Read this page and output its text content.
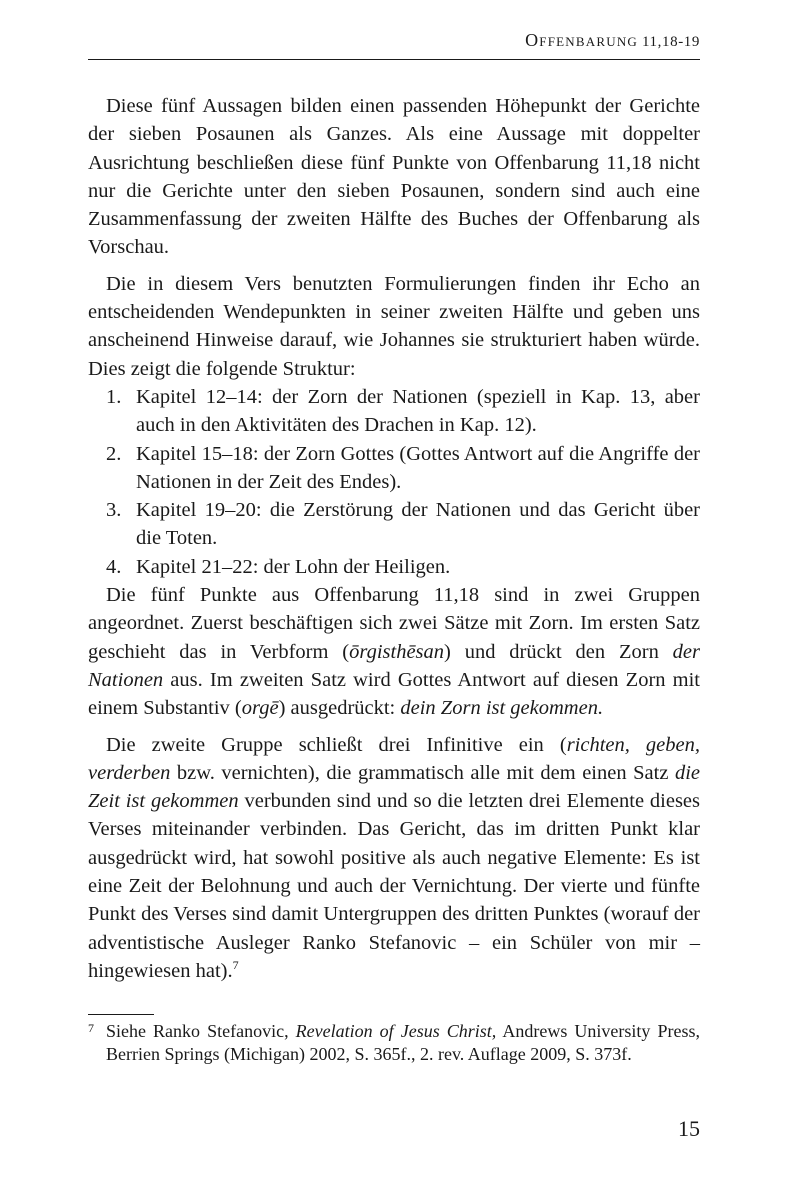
Offenbarung 11,18-19

Diese fünf Aussagen bilden einen passenden Höhepunkt der Gerichte der sieben Posaunen als Ganzes. Als eine Aussage mit doppelter Ausrichtung beschließen diese fünf Punkte von Offenbarung 11,18 nicht nur die Gerichte unter den sieben Posaunen, sondern sind auch eine Zusammenfassung der zweiten Hälfte des Buches der Offenbarung als Vorschau.

Die in diesem Vers benutzten Formulierungen finden ihr Echo an entscheidenden Wendepunkten in seiner zweiten Hälfte und geben uns anscheinend Hinweise darauf, wie Johannes sie strukturiert haben würde. Dies zeigt die folgende Struktur:

1. Kapitel 12–14: der Zorn der Nationen (speziell in Kap. 13, aber auch in den Aktivitäten des Drachen in Kap. 12).
2. Kapitel 15–18: der Zorn Gottes (Gottes Antwort auf die Angriffe der Nationen in der Zeit des Endes).
3. Kapitel 19–20: die Zerstörung der Nationen und das Gericht über die Toten.
4. Kapitel 21–22: der Lohn der Heiligen.

Die fünf Punkte aus Offenbarung 11,18 sind in zwei Gruppen angeordnet. Zuerst beschäftigen sich zwei Sätze mit Zorn. Im ersten Satz geschieht das in Verbform (ōrgisthēsan) und drückt den Zorn der Nationen aus. Im zweiten Satz wird Gottes Antwort auf diesen Zorn mit einem Substantiv (orgē) ausgedrückt: dein Zorn ist gekommen.

Die zweite Gruppe schließt drei Infinitive ein (richten, geben, verderben bzw. vernichten), die grammatisch alle mit dem einen Satz die Zeit ist gekommen verbunden sind und so die letzten drei Elemente dieses Verses miteinander verbinden. Das Gericht, das im dritten Punkt klar ausgedrückt wird, hat sowohl positive als auch negative Elemente: Es ist eine Zeit der Belohnung und auch der Vernichtung. Der vierte und fünfte Punkt des Verses sind damit Untergruppen des dritten Punktes (worauf der adventistische Ausleger Ranko Stefanovic – ein Schüler von mir – hingewiesen hat).$^7$

7 Siehe Ranko Stefanovic, Revelation of Jesus Christ, Andrews University Press, Berrien Springs (Michigan) 2002, S. 365f., 2. rev. Auflage 2009, S. 373f.
15
